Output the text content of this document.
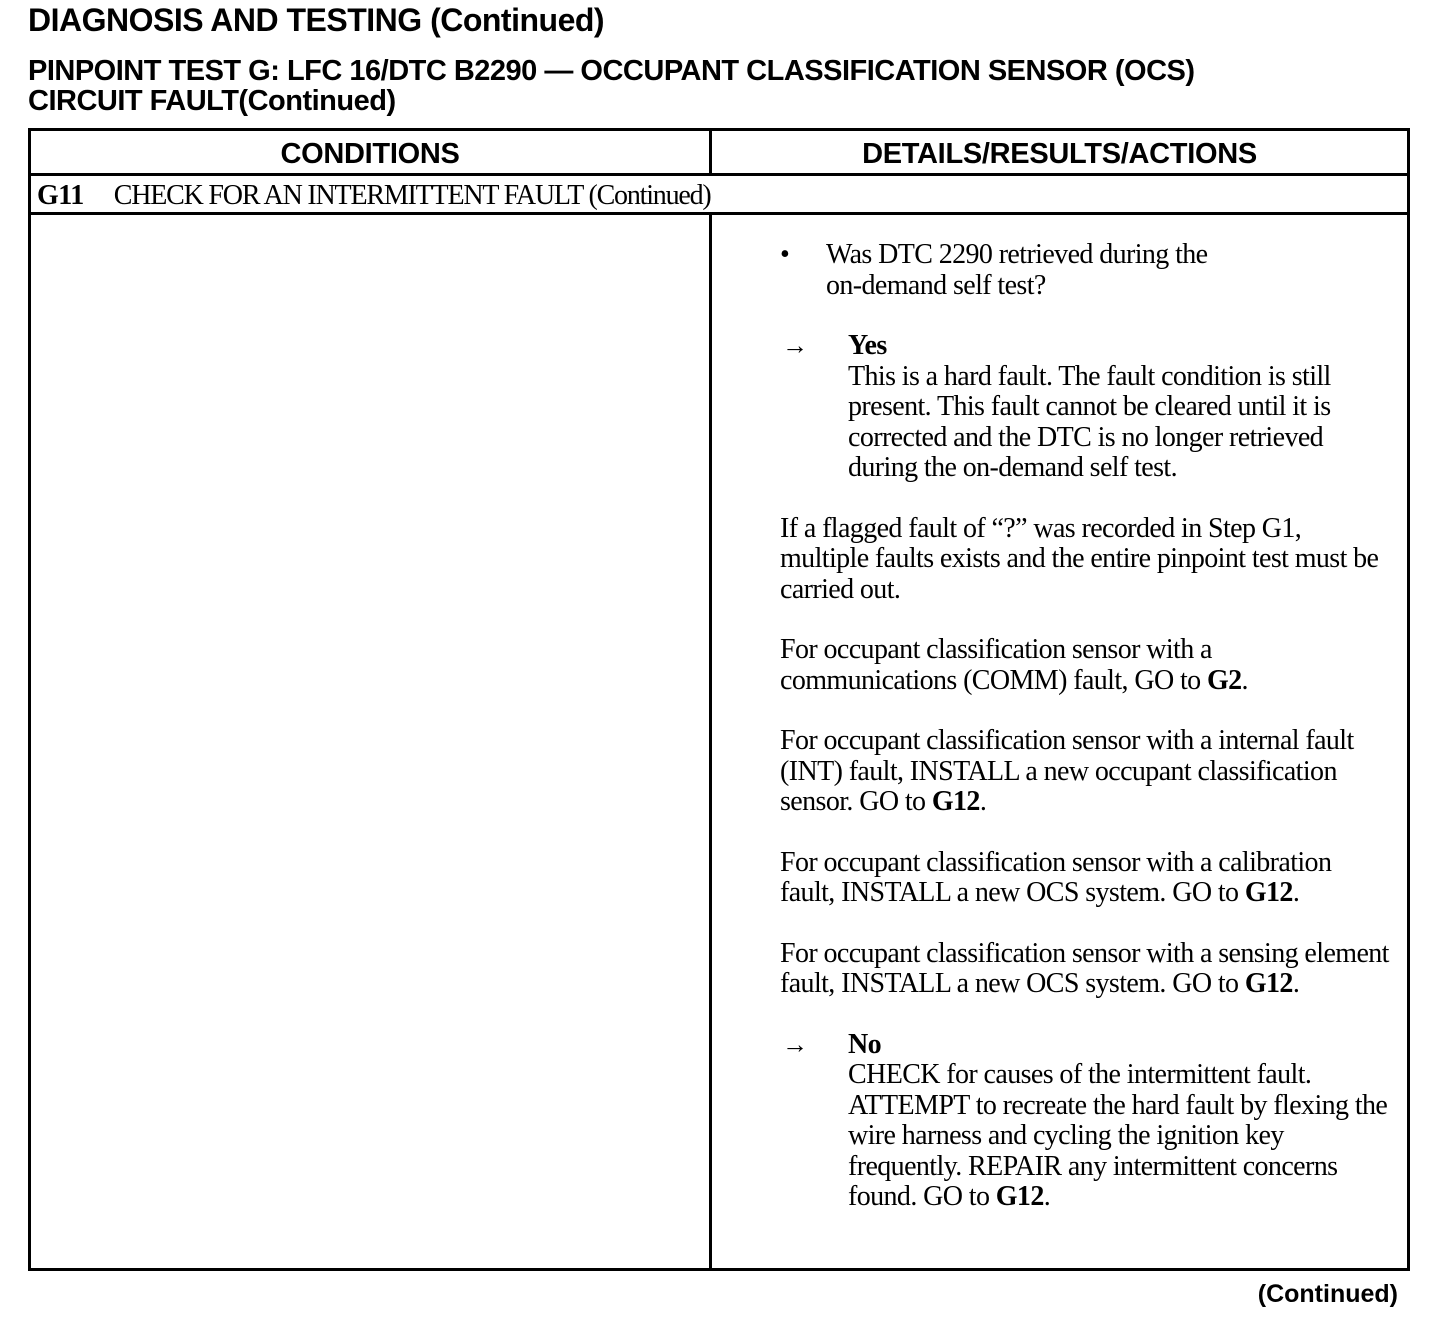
DIAGNOSIS AND TESTING (Continued)
PINPOINT TEST G: LFC 16/DTC B2290 — OCCUPANT CLASSIFICATION SENSOR (OCS)
CIRCUIT FAULT(Continued)
CONDITIONS	DETAILS/RESULTS/ACTIONS
G11 CHECK FOR AN INTERMITTENT FAULT (Continued)
• Was DTC 2290 retrieved during the on-demand self test?
→ Yes
This is a hard fault. The fault condition is still present. This fault cannot be cleared until it is corrected and the DTC is no longer retrieved during the on-demand self test.
If a flagged fault of “?” was recorded in Step G1, multiple faults exists and the entire pinpoint test must be carried out.
For occupant classification sensor with a communications (COMM) fault, GO to G2.
For occupant classification sensor with a internal fault (INT) fault, INSTALL a new occupant classification sensor. GO to G12.
For occupant classification sensor with a calibration fault, INSTALL a new OCS system. GO to G12.
For occupant classification sensor with a sensing element fault, INSTALL a new OCS system. GO to G12.
→ No
CHECK for causes of the intermittent fault. ATTEMPT to recreate the hard fault by flexing the wire harness and cycling the ignition key frequently. REPAIR any intermittent concerns found. GO to G12.
(Continued)
